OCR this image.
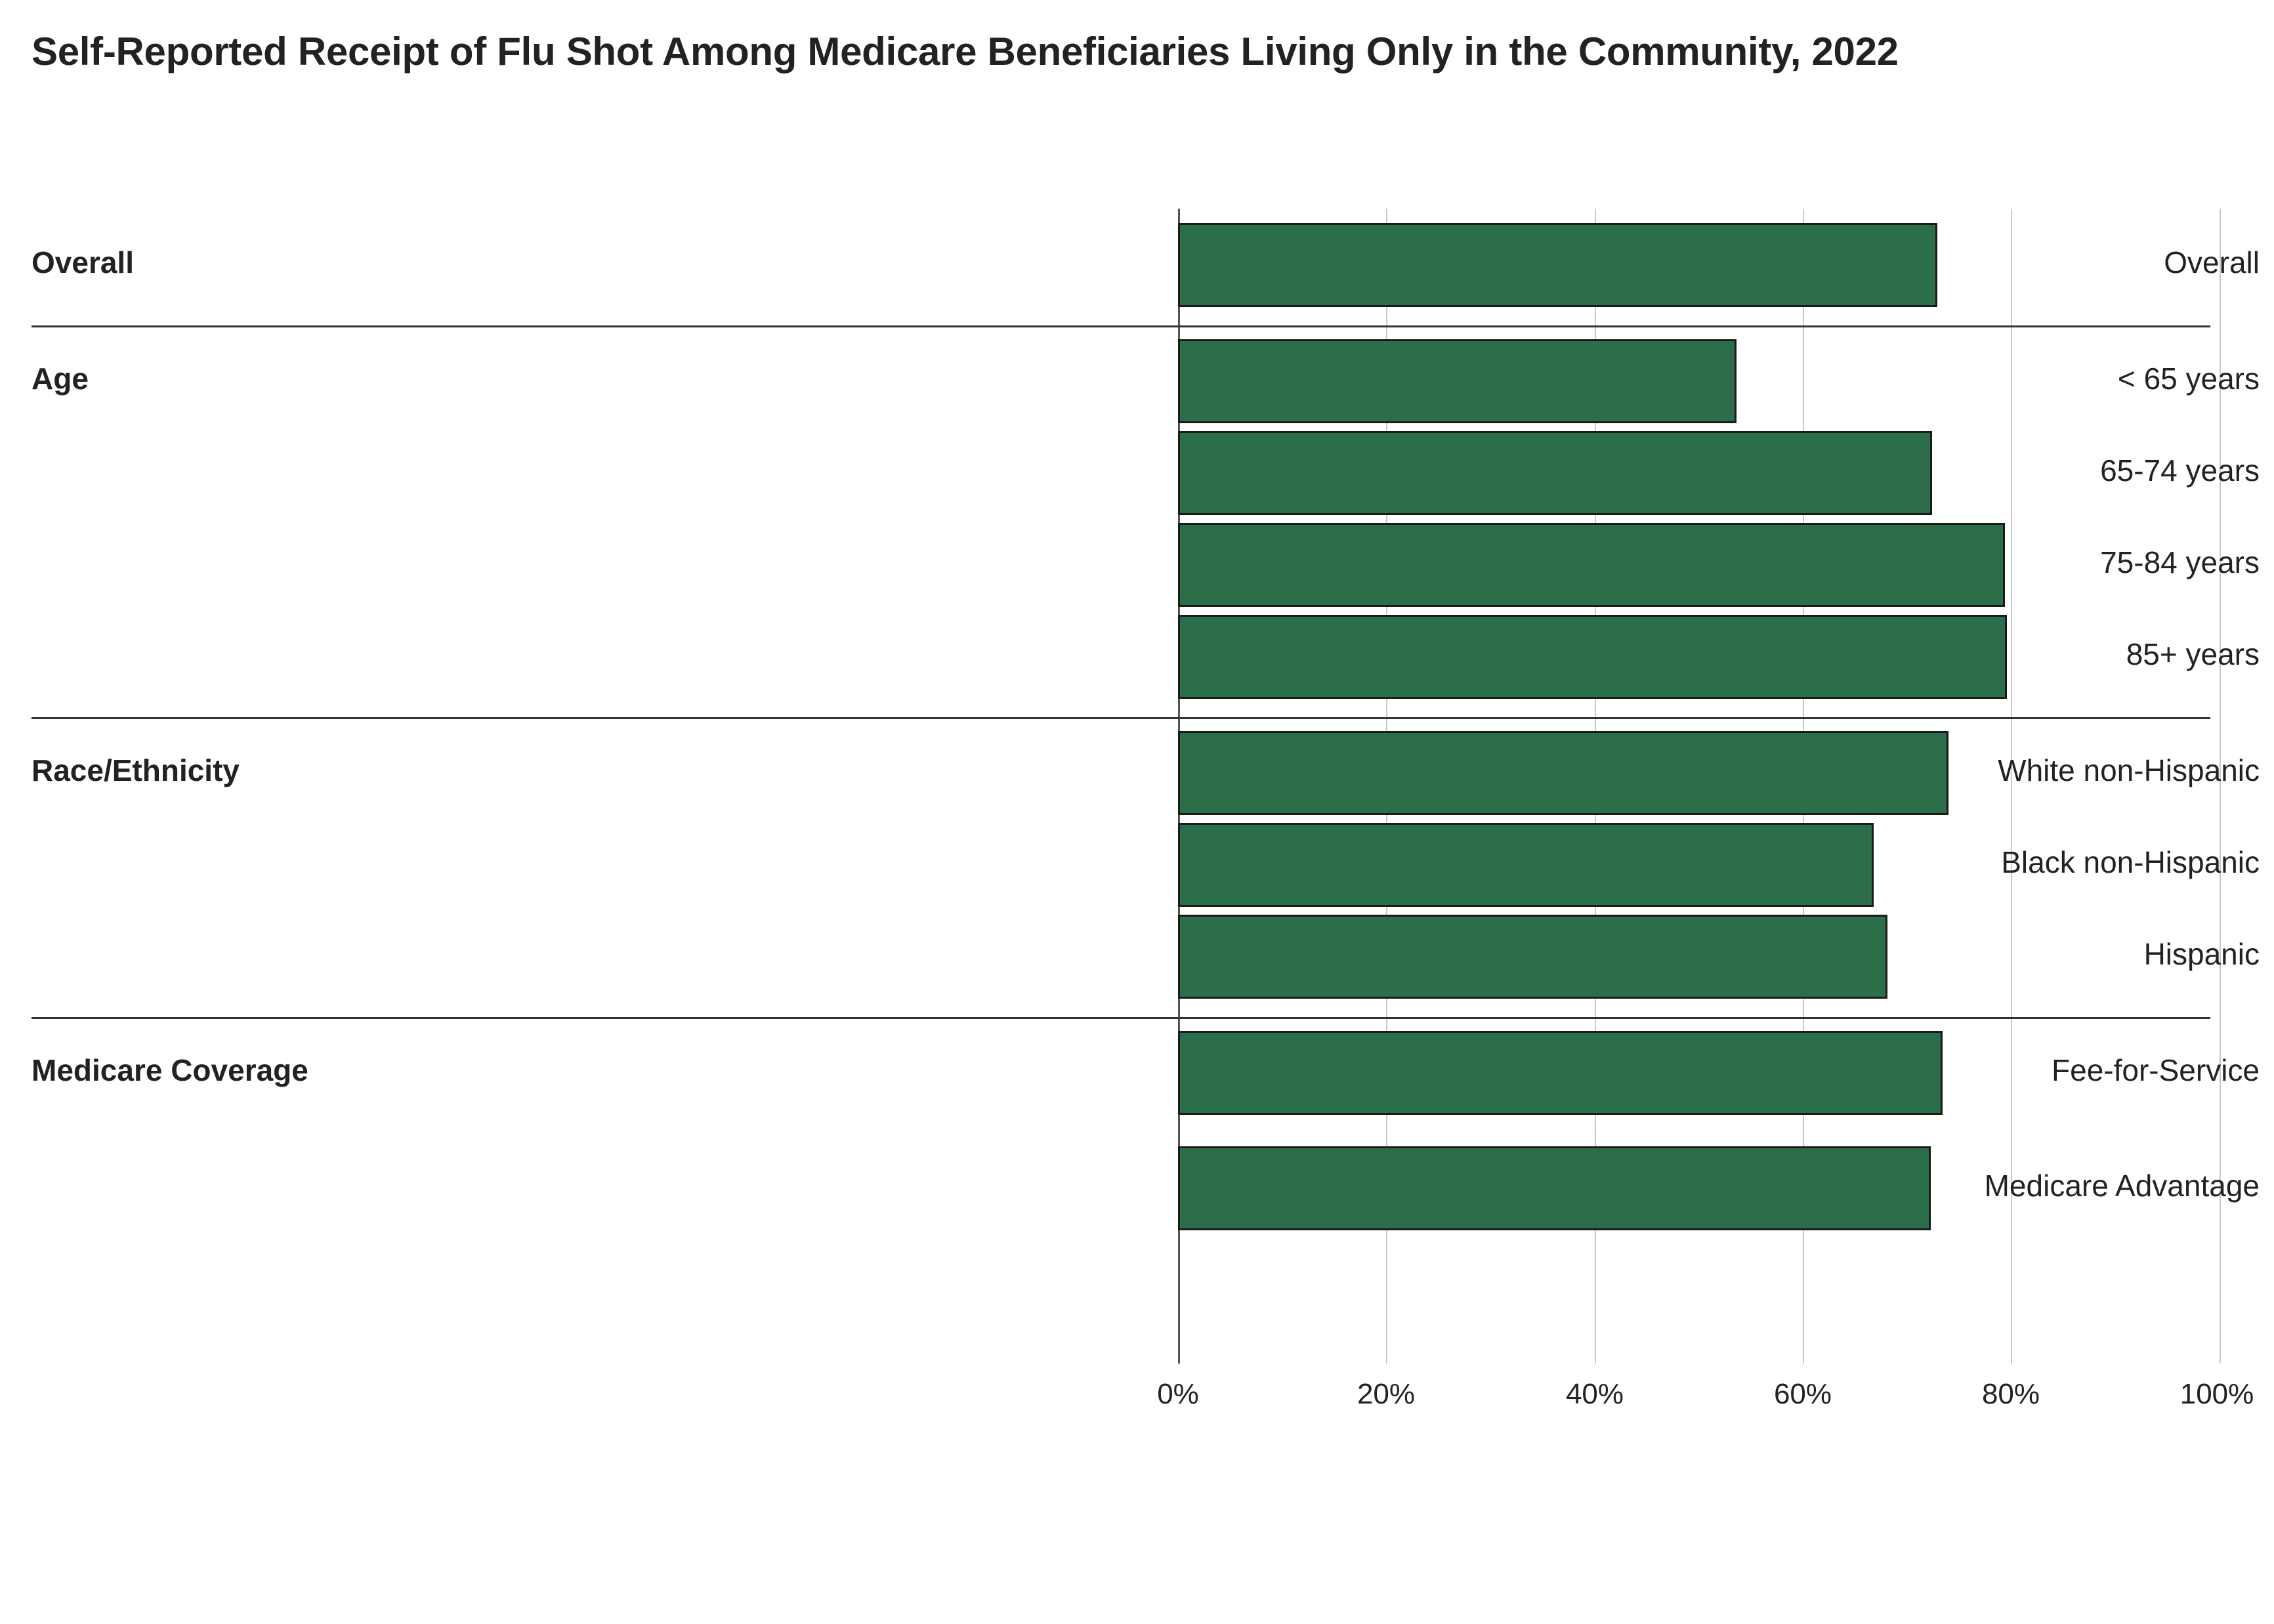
Self-Reported Receipt of Flu Shot Among Medicare Beneficiaries Living Only in the Community, 2022
Overall	Overall
Age	< 65 years
65-74 years
75-84 years
85+ years
Race/Ethnicity	White non-Hispanic
Black non-Hispanic
Hispanic
Medicare Coverage	Fee-for-Service
Medicare Advantage
0%	20%	40%	60%	80%	100%
